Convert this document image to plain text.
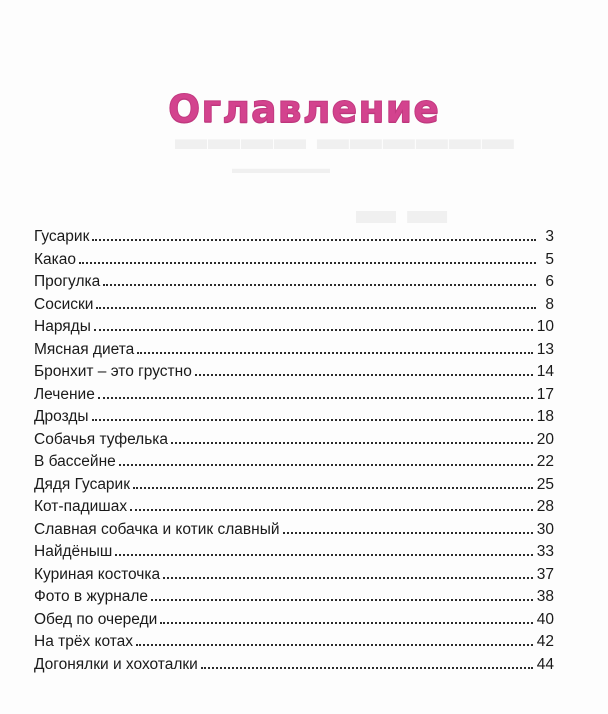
▬▬▬▬ ▬▬▬▬▬▬
▬▬▬▬▬▬▬
▬ ▬
Оглавление
Гусарик	3
Какао	5
Прогулка	6
Сосиски	8
Наряды	10
Мясная диета	13
Бронхит – это грустно	14
Лечение	17
Дрозды	18
Собачья туфелька	20
В бассейне	22
Дядя Гусарик	25
Кот-падишах	28
Славная собачка и котик славный	30
Найдёныш	33
Куриная косточка	37
Фото в журнале	38
Обед по очереди	40
На трёх котах	42
Догонялки и хохоталки	44
